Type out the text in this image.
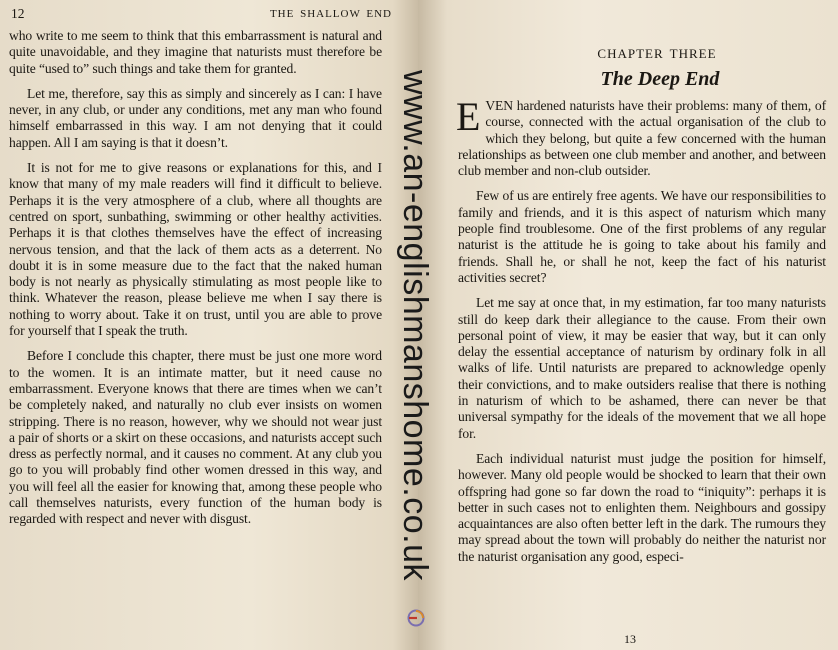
12	THE SHALLOW END

who write to me seem to think that this embarrassment is natural and quite unavoidable, and they imagine that naturists must therefore be quite “used to” such things and take them for granted.

Let me, therefore, say this as simply and sincerely as I can: I have never, in any club, or under any conditions, met any man who found himself embarrassed in this way. I am not denying that it could happen. All I am saying is that it doesn’t.

It is not for me to give reasons or explanations for this, and I know that many of my male readers will find it difficult to believe. Perhaps it is the very atmosphere of a club, where all thoughts are centred on sport, sunbathing, swimming or other healthy activities. Perhaps it is that clothes themselves have the effect of increasing nervous tension, and that the lack of them acts as a deterrent. No doubt it is in some measure due to the fact that the naked human body is not nearly as physically stimulating as most people like to think. Whatever the reason, please believe me when I say there is nothing to worry about. Take it on trust, until you are able to prove for yourself that I speak the truth.

Before I conclude this chapter, there must be just one more word to the women. It is an intimate matter, but it need cause no embarrassment. Everyone knows that there are times when we can’t be completely naked, and naturally no club ever insists on women stripping. There is no reason, however, why we should not wear just a pair of shorts or a skirt on these occasions, and naturists accept such dress as perfectly normal, and it causes no comment. At any club you go to you will probably find other women dressed in this way, and you will feel all the easier for knowing that, among these people who call themselves naturists, every function of the human body is regarded with respect and never with disgust.

CHAPTER THREE
The Deep End

EVEN hardened naturists have their problems: many of them, of course, connected with the actual organisation of the club to which they belong, but quite a few concerned with the human relationships as between one club member and another, and between club member and non-club outsider.

Few of us are entirely free agents. We have our responsibilities to family and friends, and it is this aspect of naturism which many people find troublesome. One of the first problems of any regular naturist is the attitude he is going to take about his family and friends. Shall he, or shall he not, keep the fact of his naturist activities secret?

Let me say at once that, in my estimation, far too many naturists still do keep dark their allegiance to the cause. From their own personal point of view, it may be easier that way, but it can only delay the essential acceptance of naturism by ordinary folk in all walks of life. Until naturists are prepared to acknowledge openly their convictions, and to make outsiders realise that there is nothing in naturism of which to be ashamed, there can never be that universal sympathy for the ideals of the movement that we all hope for.

Each individual naturist must judge the position for himself, however. Many old people would be shocked to learn that their own offspring had gone so far down the road to “iniquity”: perhaps it is better in such cases not to enlighten them. Neighbours and gossipy acquaintances are also often better left in the dark. The rumours they may spread about the town will probably do neither the naturist nor the naturist organisation any good, especi-

13
www.an-englishmanshome.co.uk
